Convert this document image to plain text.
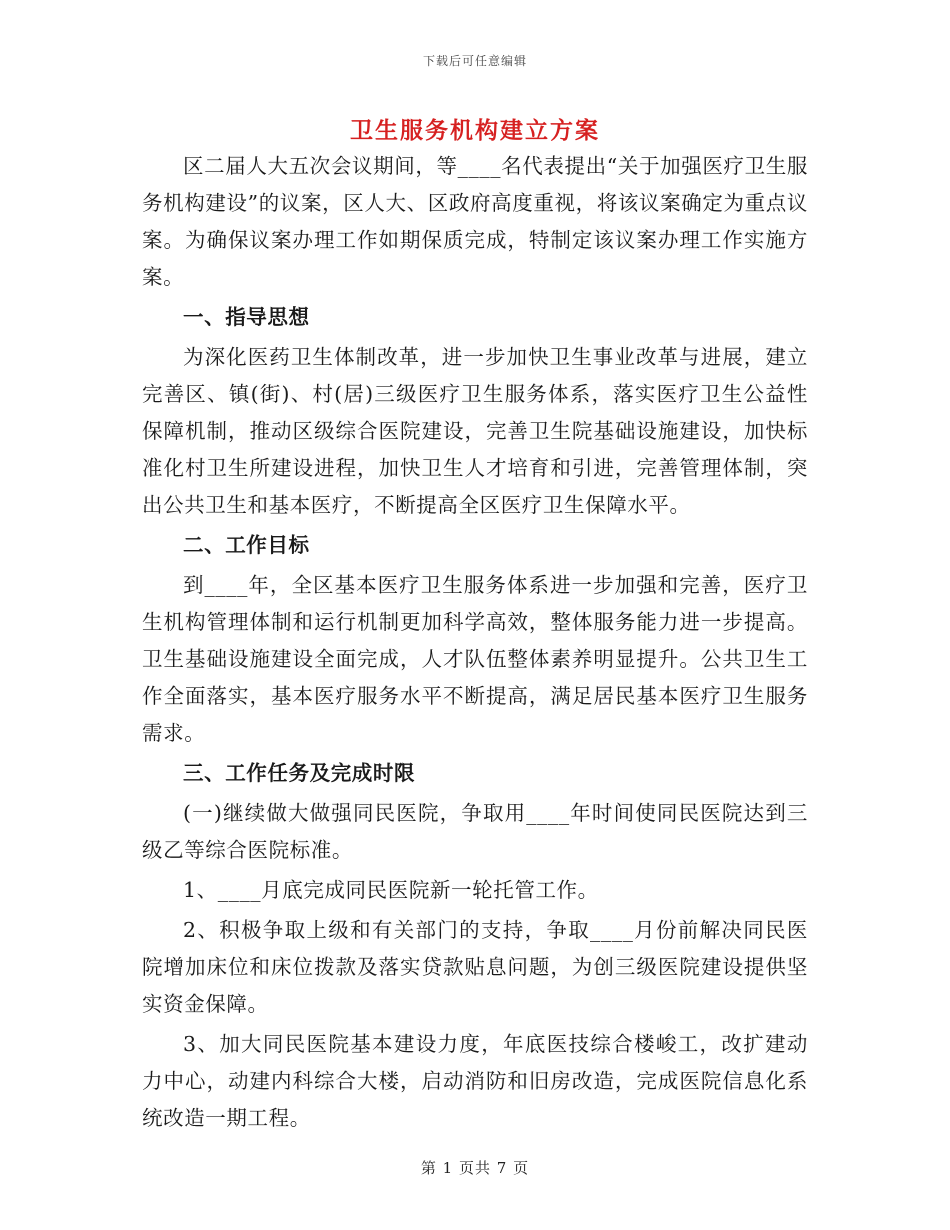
下载后可任意编辑
卫生服务机构建立方案

区二届人大五次会议期间，等____名代表提出“关于加强医疗卫生服务机构建设”的议案，区人大、区政府高度重视，将该议案确定为重点议案。为确保议案办理工作如期保质完成，特制定该议案办理工作实施方案。

一、指导思想

为深化医药卫生体制改革，进一步加快卫生事业改革与进展，建立完善区、镇(街)、村(居)三级医疗卫生服务体系，落实医疗卫生公益性保障机制，推动区级综合医院建设，完善卫生院基础设施建设，加快标准化村卫生所建设进程，加快卫生人才培育和引进，完善管理体制，突出公共卫生和基本医疗，不断提高全区医疗卫生保障水平。

二、工作目标

到____年，全区基本医疗卫生服务体系进一步加强和完善，医疗卫生机构管理体制和运行机制更加科学高效，整体服务能力进一步提高。卫生基础设施建设全面完成，人才队伍整体素养明显提升。公共卫生工作全面落实，基本医疗服务水平不断提高，满足居民基本医疗卫生服务需求。

三、工作任务及完成时限

(一)继续做大做强同民医院，争取用____年时间使同民医院达到三级乙等综合医院标准。

1、____月底完成同民医院新一轮托管工作。

2、积极争取上级和有关部门的支持，争取____月份前解决同民医院增加床位和床位拨款及落实贷款贴息问题，为创三级医院建设提供坚实资金保障。

3、加大同民医院基本建设力度，年底医技综合楼峻工，改扩建动力中心，动建内科综合大楼，启动消防和旧房改造，完成医院信息化系统改造一期工程。

第 1 页共 7 页
